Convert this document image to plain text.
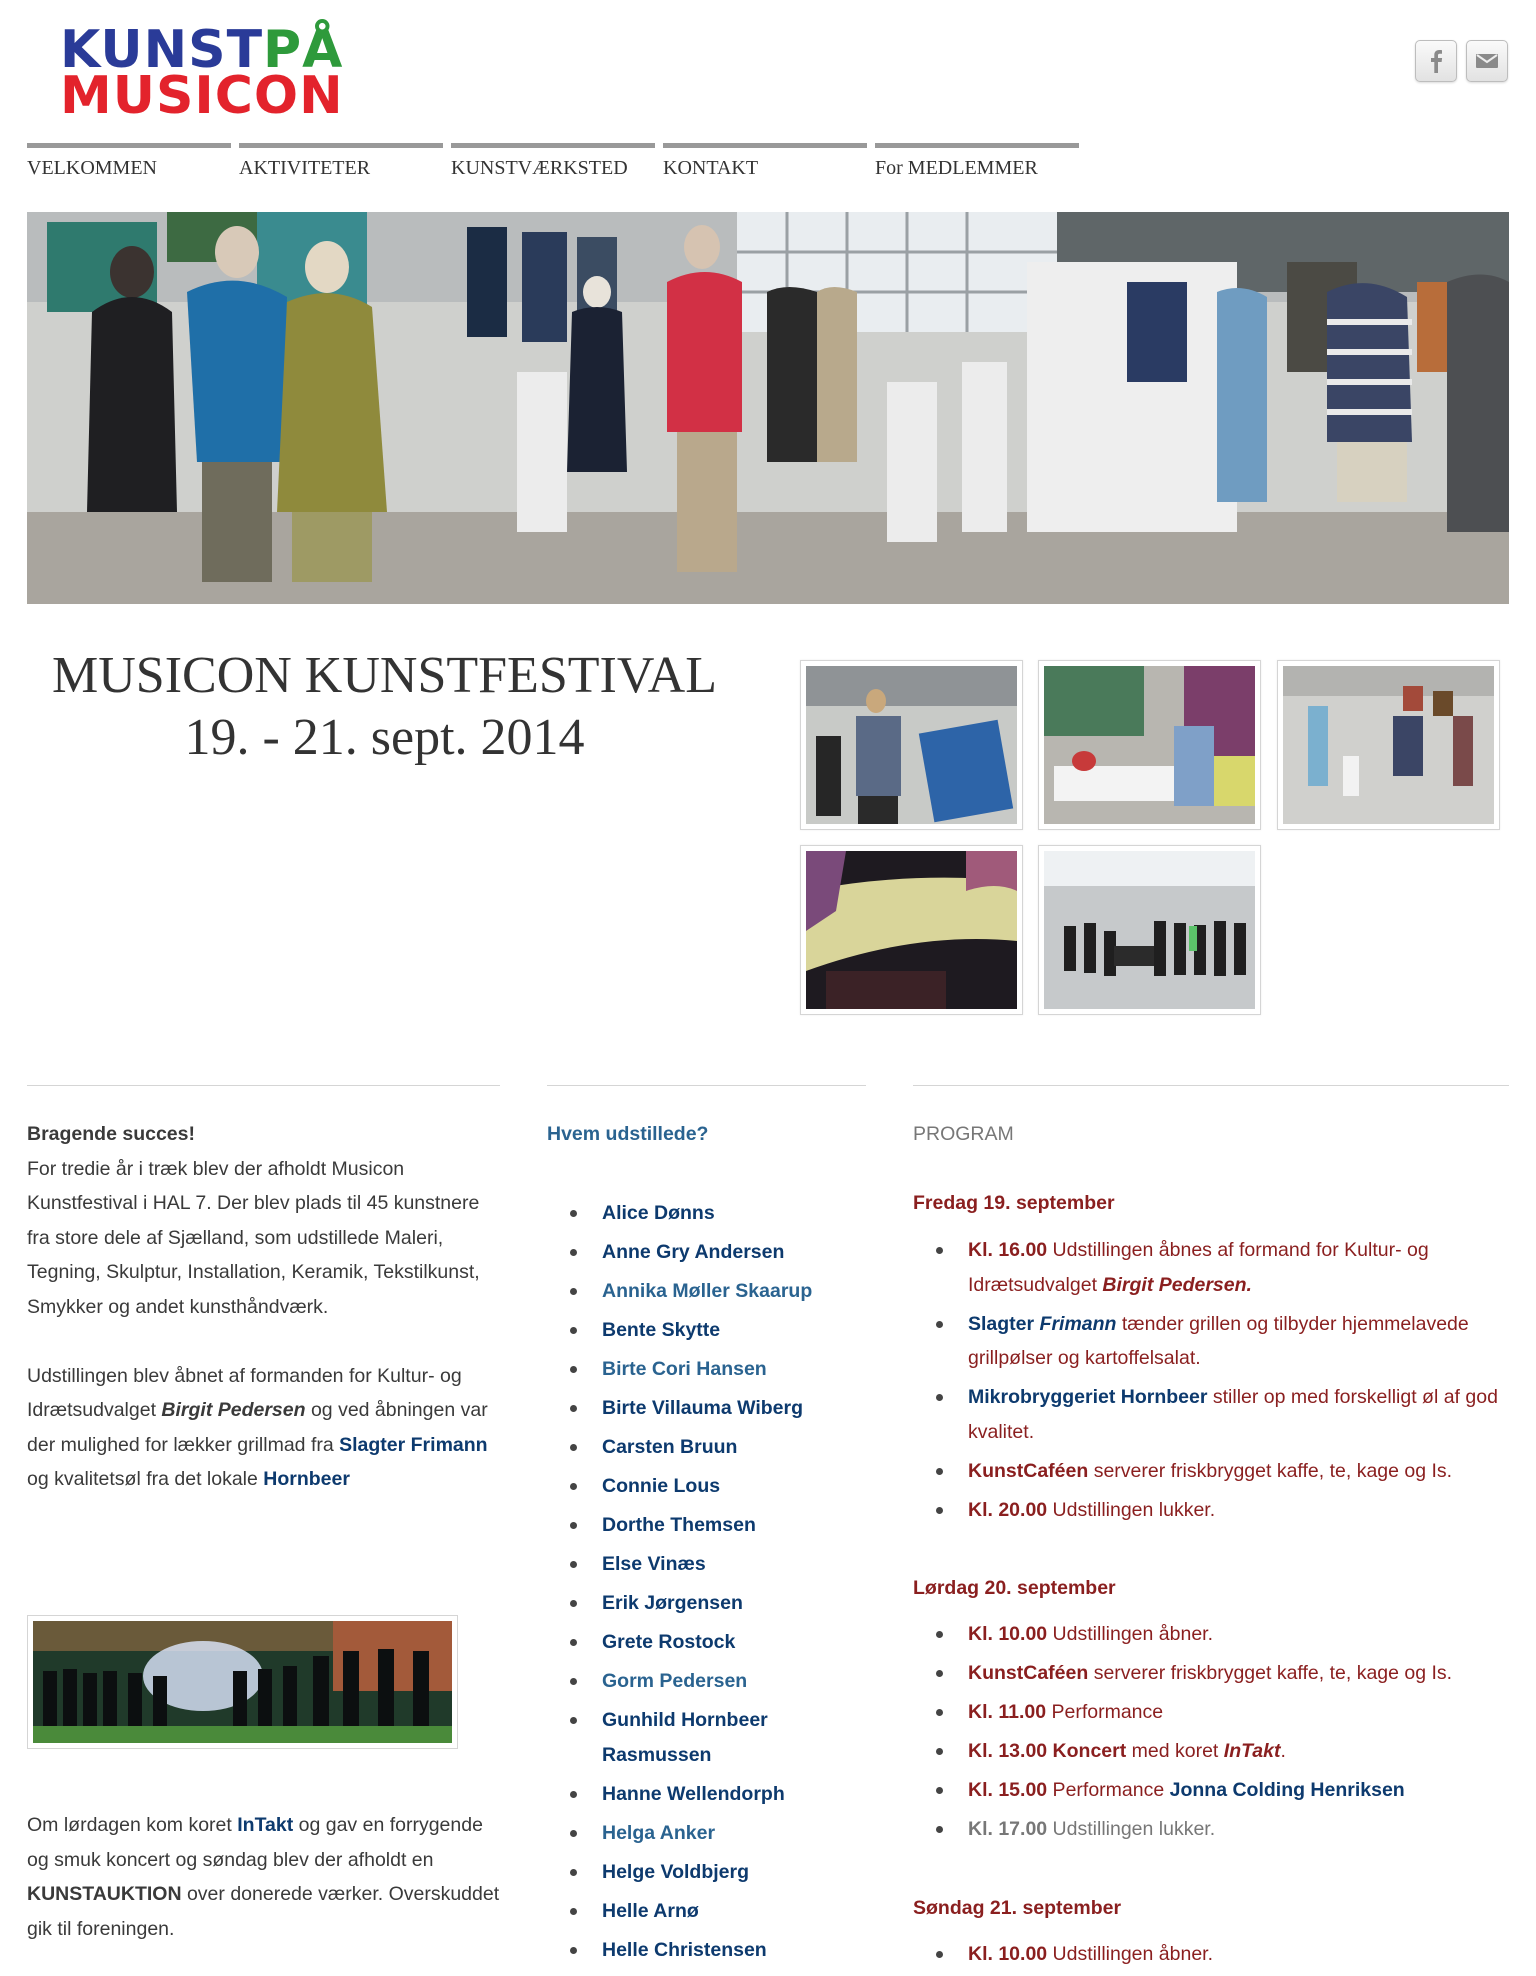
KUNSTPÅ
MUSICON
VELKOMMEN	AKTIVITETER	KUNSTVÆRKSTED	KONTAKT	For MEDLEMMER
MUSICON KUNSTFESTIVAL
19. - 21. sept. 2014

Bragende succes!

For tredie år i træk blev der afholdt Musicon Kunstfestival i HAL 7. Der blev plads til 45 kunstnere fra store dele af Sjælland, som udstillede Maleri, Tegning, Skulptur, Installation, Keramik, Tekstilkunst, Smykker og andet kunsthåndværk.

Udstillingen blev åbnet af formanden for Kultur- og Idrætsudvalget Birgit Pedersen og ved åbningen var der mulighed for lækker grillmad fra Slagter Frimann og kvalitetsøl fra det lokale Hornbeer

Om lørdagen kom koret InTakt og gav en forrygende og smuk koncert og søndag blev der afholdt en KUNSTAUKTION over donerede værker. Overskuddet gik til foreningen.

Hvem udstillede?
Alice Dønns
Anne Gry Andersen
Annika Møller Skaarup
Bente Skytte
Birte Cori Hansen
Birte Villauma Wiberg
Carsten Bruun
Connie Lous
Dorthe Themsen
Else Vinæs
Erik Jørgensen
Grete Rostock
Gorm Pedersen
Gunhild Hornbeer Rasmussen
Hanne Wellendorph
Helga Anker
Helge Voldbjerg
Helle Arnø
Helle Christensen
PROGRAM
Fredag 19. september
Kl. 16.00 Udstillingen åbnes af formand for Kultur- og Idrætsudvalget Birgit Pedersen.
Slagter Frimann tænder grillen og tilbyder hjemmelavede grillpølser og kartoffelsalat.
Mikrobryggeriet Hornbeer stiller op med forskelligt øl af god kvalitet.
KunstCaféen serverer friskbrygget kaffe, te, kage og Is.
Kl. 20.00 Udstillingen lukker.
Lørdag 20. september
Kl. 10.00 Udstillingen åbner.
KunstCaféen serverer friskbrygget kaffe, te, kage og Is.
Kl. 11.00 Performance
Kl. 13.00 Koncert med koret InTakt.
Kl. 15.00 Performance Jonna Colding Henriksen
Kl. 17.00 Udstillingen lukker.
Søndag 21. september
Kl. 10.00 Udstillingen åbner.
